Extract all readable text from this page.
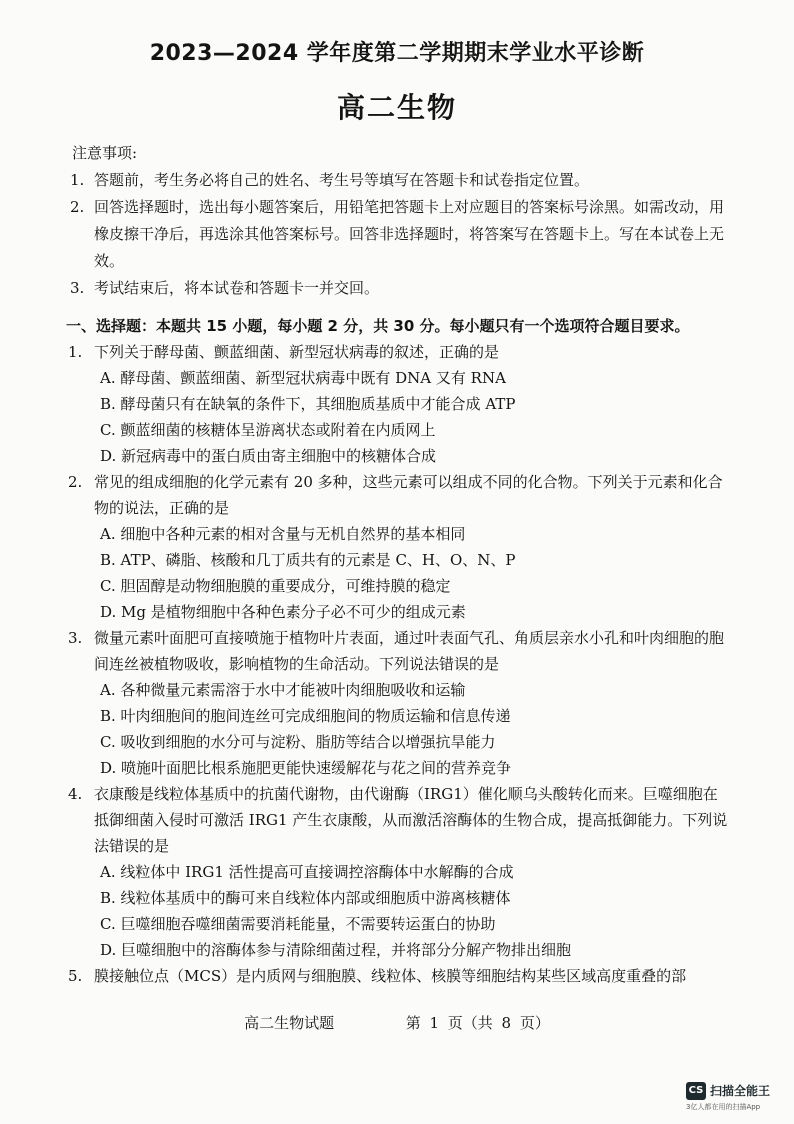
2023—2024 学年度第二学期期末学业水平诊断
高二生物
注意事项:
1. 答题前，考生务必将自己的姓名、考生号等填写在答题卡和试卷指定位置。
2. 回答选择题时，选出每小题答案后，用铅笔把答题卡上对应题目的答案标号涂黑。如需改动，用橡皮擦干净后，再选涂其他答案标号。回答非选择题时，将答案写在答题卡上。写在本试卷上无效。
3. 考试结束后，将本试卷和答题卡一并交回。
一、选择题：本题共 15 小题，每小题 2 分，共 30 分。每小题只有一个选项符合题目要求。
1. 下列关于酵母菌、颤蓝细菌、新型冠状病毒的叙述，正确的是
A. 酵母菌、颤蓝细菌、新型冠状病毒中既有 DNA 又有 RNA
B. 酵母菌只有在缺氧的条件下，其细胞质基质中才能合成 ATP
C. 颤蓝细菌的核糖体呈游离状态或附着在内质网上
D. 新冠病毒中的蛋白质由寄主细胞中的核糖体合成
2. 常见的组成细胞的化学元素有 20 多种，这些元素可以组成不同的化合物。下列关于元素和化合物的说法，正确的是
A. 细胞中各种元素的相对含量与无机自然界的基本相同
B. ATP、磷脂、核酸和几丁质共有的元素是 C、H、O、N、P
C. 胆固醇是动物细胞膜的重要成分，可维持膜的稳定
D. Mg 是植物细胞中各种色素分子必不可少的组成元素
3. 微量元素叶面肥可直接喷施于植物叶片表面，通过叶表面气孔、角质层亲水小孔和叶肉细胞的胞间连丝被植物吸收，影响植物的生命活动。下列说法错误的是
A. 各种微量元素需溶于水中才能被叶肉细胞吸收和运输
B. 叶肉细胞间的胞间连丝可完成细胞间的物质运输和信息传递
C. 吸收到细胞的水分可与淀粉、脂肪等结合以增强抗旱能力
D. 喷施叶面肥比根系施肥更能快速缓解花与花之间的营养竞争
4. 衣康酸是线粒体基质中的抗菌代谢物，由代谢酶（IRG1）催化顺乌头酸转化而来。巨噬细胞在抵御细菌入侵时可激活 IRG1 产生衣康酸，从而激活溶酶体的生物合成，提高抵御能力。下列说法错误的是
A. 线粒体中 IRG1 活性提高可直接调控溶酶体中水解酶的合成
B. 线粒体基质中的酶可来自线粒体内部或细胞质中游离核糖体
C. 巨噬细胞吞噬细菌需要消耗能量，不需要转运蛋白的协助
D. 巨噬细胞中的溶酶体参与清除细菌过程，并将部分分解产物排出细胞
5. 膜接触位点（MCS）是内质网与细胞膜、线粒体、核膜等细胞结构某些区域高度重叠的部
高二生物试题	第 1 页（共 8 页）
CS 扫描全能王
3亿人都在用的扫描App
